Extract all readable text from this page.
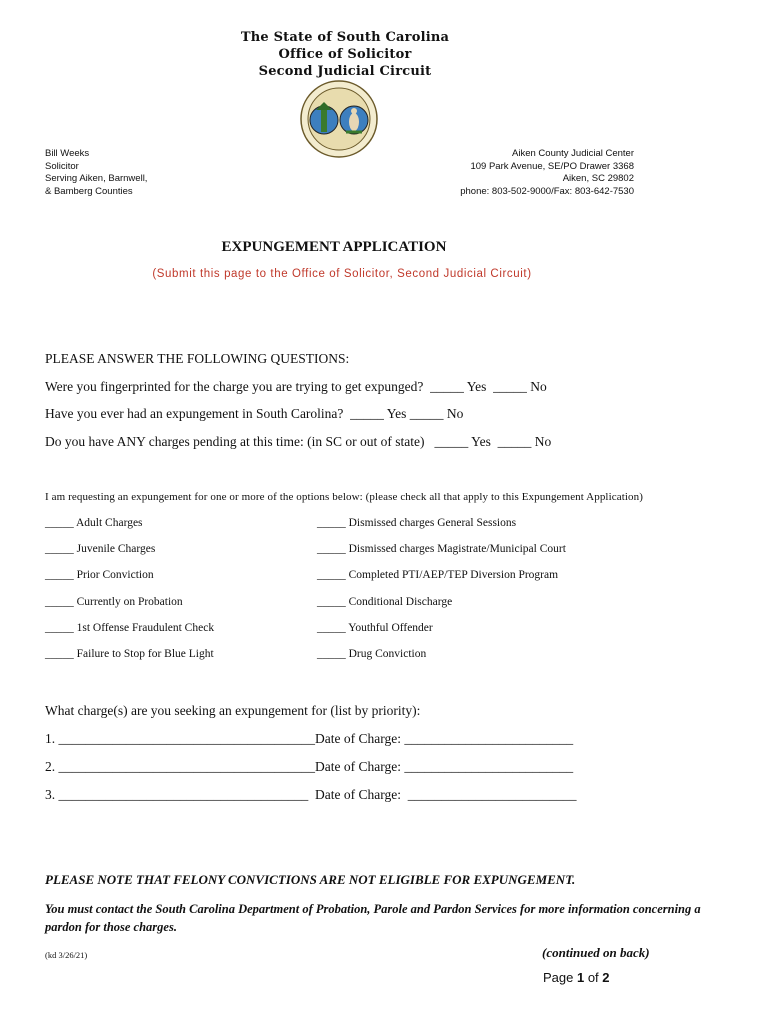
The State of South Carolina
Office of Solicitor
Second Judicial Circuit
Bill Weeks
Solicitor
Serving Aiken, Barnwell,
& Bamberg Counties
Aiken County Judicial Center
109 Park Avenue, SE/PO Drawer 3368
Aiken, SC 29802
phone: 803-502-9000/Fax: 803-642-7530
EXPUNGEMENT APPLICATION
(Submit this page to the Office of Solicitor, Second Judicial Circuit)
PLEASE ANSWER THE FOLLOWING QUESTIONS:
Were you fingerprinted for the charge you are trying to get expunged?  _____ Yes  _____ No
Have you ever had an expungement in South Carolina?  _____ Yes _____ No
Do you have ANY charges pending at this time: (in SC or out of state)   _____ Yes  _____ No
I am requesting an expungement for one or more of the options below: (please check all that apply to this Expungement Application)
_____ Adult Charges
_____ Juvenile Charges
_____ Prior Conviction
_____ Currently on Probation
_____ 1st Offense Fraudulent Check
_____ Failure to Stop for Blue Light
_____ Dismissed charges General Sessions
_____ Dismissed charges Magistrate/Municipal Court
_____ Completed PTI/AEP/TEP Diversion Program
_____ Conditional Discharge
_____ Youthful Offender
_____ Drug Conviction
What charge(s) are you seeking an expungement for (list by priority):
1. ______________________________________Date of Charge: _________________________
2. ______________________________________Date of Charge: _________________________
3. _____________________________________  Date of Charge:  _________________________
PLEASE NOTE THAT FELONY CONVICTIONS ARE NOT ELIGIBLE FOR EXPUNGEMENT.
You must contact the South Carolina Department of Probation, Parole and Pardon Services for more information concerning a pardon for those charges.
(kd 3/26/21)	(continued on back)
Page 1 of 2
